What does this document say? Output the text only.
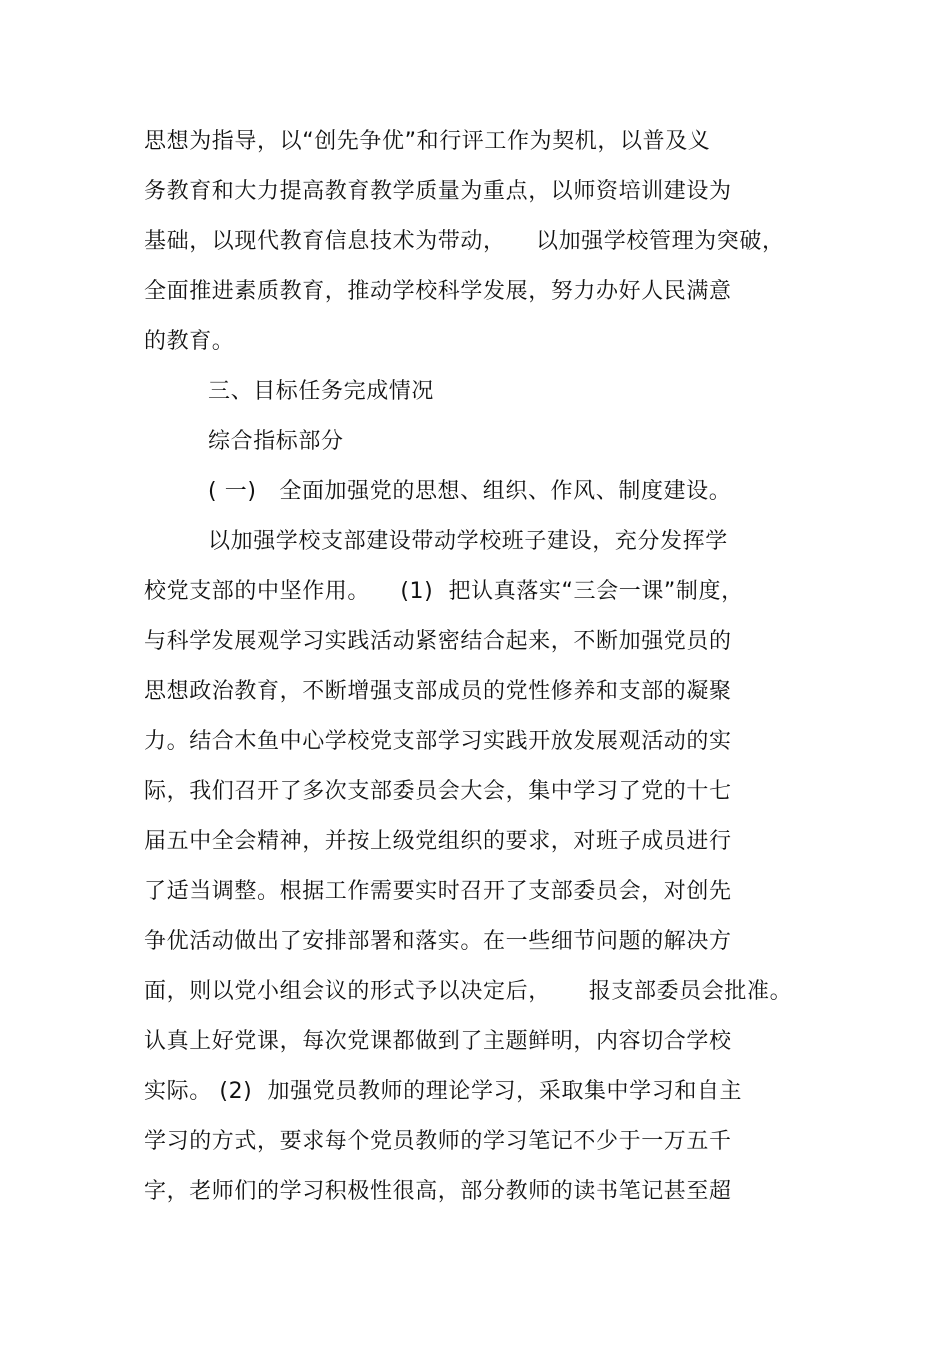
思想为指导，以“创先争优”和行评工作为契机，以普及义
务教育和大力提高教育教学质量为重点，以师资培训建设为
基础，以现代教育信息技术为带动，    以加强学校管理为突破，
全面推进素质教育，推动学校科学发展，努力办好人民满意
的教育。
三、目标任务完成情况
综合指标部分
( 一)   全面加强党的思想、组织、作风、制度建设。
以加强学校支部建设带动学校班子建设，充分发挥学
校党支部的中坚作用。    (1)  把认真落实“三会一课”制度，
与科学发展观学习实践活动紧密结合起来，不断加强党员的
思想政治教育，不断增强支部成员的党性修养和支部的凝聚
力。结合木鱼中心学校党支部学习实践开放发展观活动的实
际，我们召开了多次支部委员会大会，集中学习了党的十七
届五中全会精神，并按上级党组织的要求，对班子成员进行
了适当调整。根据工作需要实时召开了支部委员会，对创先
争优活动做出了安排部署和落实。在一些细节问题的解决方
面，则以党小组会议的形式予以决定后，     报支部委员会批准。
认真上好党课，每次党课都做到了主题鲜明，内容切合学校
实际。 (2)  加强党员教师的理论学习，采取集中学习和自主
学习的方式，要求每个党员教师的学习笔记不少于一万五千
字，老师们的学习积极性很高，部分教师的读书笔记甚至超
